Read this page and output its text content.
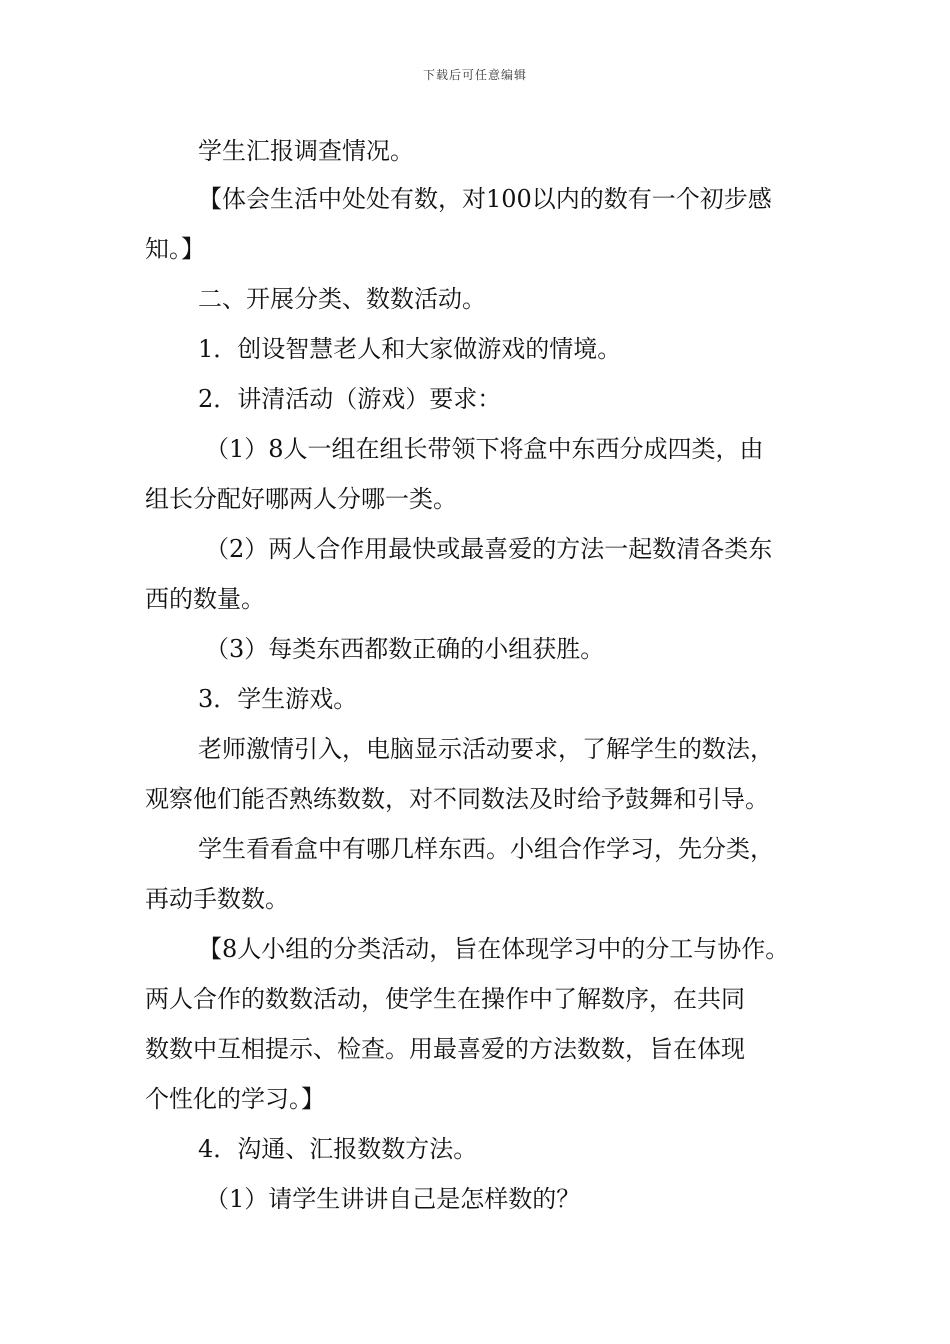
下载后可任意编辑
学生汇报调查情况。
【体会生活中处处有数，对100以内的数有一个初步感
知。】
二、开展分类、数数活动。
1．创设智慧老人和大家做游戏的情境。
2．讲清活动（游戏）要求：
（1）8人一组在组长带领下将盒中东西分成四类，由
组长分配好哪两人分哪一类。
（2）两人合作用最快或最喜爱的方法一起数清各类东
西的数量。
（3）每类东西都数正确的小组获胜。
3．学生游戏。
老师激情引入，电脑显示活动要求，了解学生的数法，
观察他们能否熟练数数，对不同数法及时给予鼓舞和引导。
学生看看盒中有哪几样东西。小组合作学习，先分类，
再动手数数。
【8人小组的分类活动，旨在体现学习中的分工与协作。
两人合作的数数活动，使学生在操作中了解数序，在共同
数数中互相提示、检查。用最喜爱的方法数数，旨在体现
个性化的学习。】
4．沟通、汇报数数方法。
（1）请学生讲讲自己是怎样数的？
